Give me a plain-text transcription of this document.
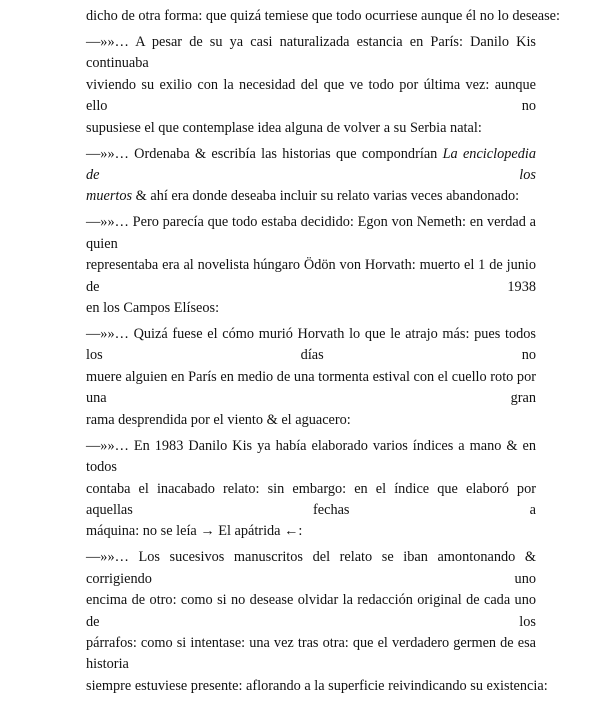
dicho de otra forma: que quizá temiese que todo ocurriese aunque él no lo desease:

—»»… A pesar de su ya casi naturalizada estancia en París: Danilo Kis continuaba
viviendo su exilio con la necesidad del que ve todo por última vez: aunque ello no
supusiese el que contemplase idea alguna de volver a su Serbia natal:

—»»… Ordenaba & escribía las historias que compondrían La enciclopedia de los
muertos & ahí era donde deseaba incluir su relato varias veces abandonado:

—»»… Pero parecía que todo estaba decidido: Egon von Nemeth: en verdad a quien
representaba era al novelista húngaro Ödön von Horvath: muerto el 1 de junio de 1938
en los Campos Elíseos:

—»»… Quizá fuese el cómo murió Horvath lo que le atrajo más: pues todos los días no
muere alguien en París en medio de una tormenta estival con el cuello roto por una gran
rama desprendida por el viento & el aguacero:

—»»… En 1983 Danilo Kis ya había elaborado varios índices a mano & en todos
contaba el inacabado relato: sin embargo: en el índice que elaboró por aquellas fechas a
máquina: no se leía → El apátrida ←:

—»»… Los sucesivos manuscritos del relato se iban amontonando & corrigiendo uno
encima de otro: como si no desease olvidar la redacción original de cada uno de los
párrafos: como si intentase: una vez tras otra: que el verdadero germen de esa historia
siempre estuviese presente: aflorando a la superficie reivindicando su existencia:
